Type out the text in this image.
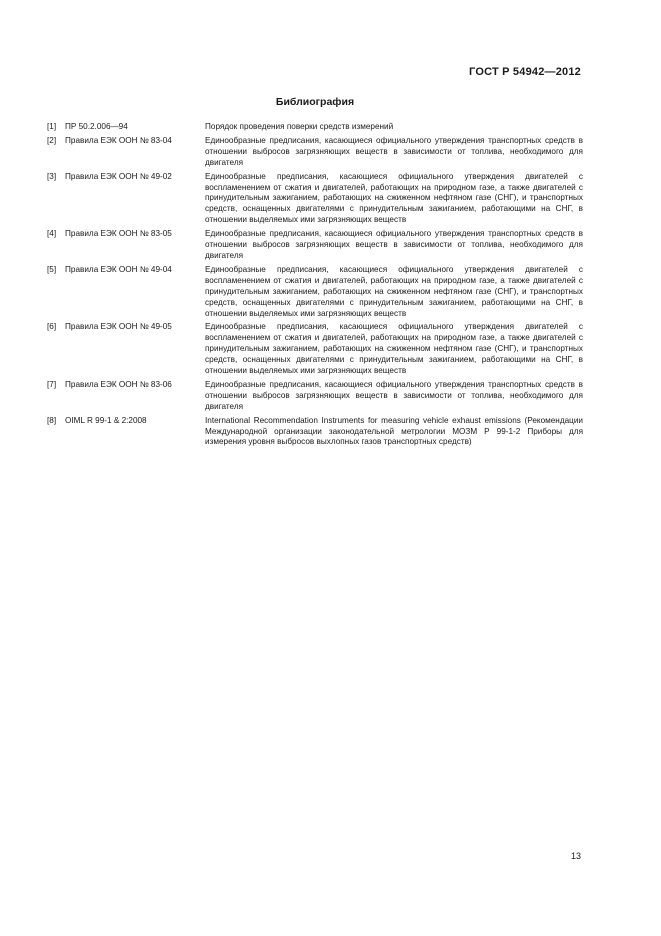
ГОСТ Р 54942—2012
Библиография
[1]	ПР 50.2.006—94	Порядок проведения поверки средств измерений
[2]	Правила ЕЭК ООН № 83-04	Единообразные предписания, касающиеся официального утверждения транспортных средств в отношении выбросов загрязняющих веществ в зависимости от топлива, необходимого для двигателя
[3]	Правила ЕЭК ООН № 49-02	Единообразные предписания, касающиеся официального утверждения двигателей с воспламенением от сжатия и двигателей, работающих на природном газе, а также двигателей с принудительным зажиганием, работающих на сжиженном нефтяном газе (СНГ), и транспортных средств, оснащенных двигателями с принудительным зажиганием, работающими на СНГ, в отношении выделяемых ими загрязняющих веществ
[4]	Правила ЕЭК ООН № 83-05	Единообразные предписания, касающиеся официального утверждения транспортных средств в отношении выбросов загрязняющих веществ в зависимости от топлива, необходимого для двигателя
[5]	Правила ЕЭК ООН № 49-04	Единообразные предписания, касающиеся официального утверждения двигателей с воспламенением от сжатия и двигателей, работающих на природном газе, а также двигателей с принудительным зажиганием, работающих на сжиженном нефтяном газе (СНГ), и транспортных средств, оснащенных двигателями с принудительным зажиганием, работающими на СНГ, в отношении выделяемых ими загрязняющих веществ
[6]	Правила ЕЭК ООН № 49-05	Единообразные предписания, касающиеся официального утверждения двигателей с воспламенением от сжатия и двигателей, работающих на природном газе, а также двигателей с принудительным зажиганием, работающих на сжиженном нефтяном газе (СНГ), и транспортных средств, оснащенных двигателями с принудительным зажиганием, работающими на СНГ, в отношении выделяемых ими загрязняющих веществ
[7]	Правила ЕЭК ООН № 83-06	Единообразные предписания, касающиеся официального утверждения транспортных средств в отношении выбросов загрязняющих веществ в зависимости от топлива, необходимого для двигателя
[8]	OIML R 99-1 & 2:2008	International Recommendation Instruments for measuring vehicle exhaust emissions (Рекомендации Международной организации законодательной метрологии МОЗМ Р 99-1-2 Приборы для измерения уровня выбросов выхлопных газов транспортных средств)
13
